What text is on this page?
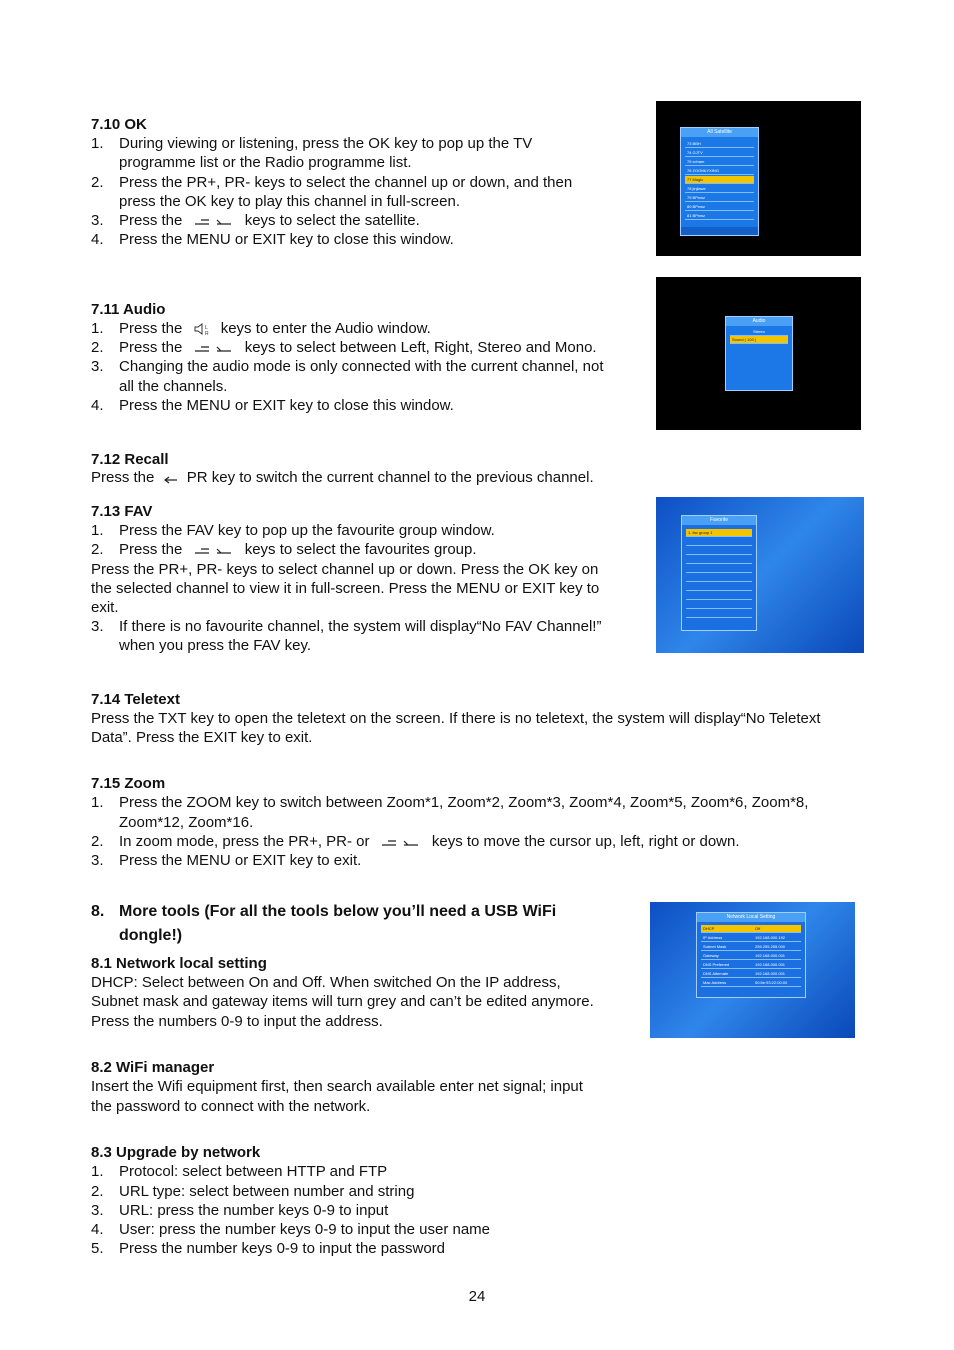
7.10 OK
1.	During viewing or listening, press the OK key to pop up the TV
programme list or the Radio programme list.
2.	Press the PR+, PR- keys to select the channel up or down, and then
press the OK key to play this channel in full-screen.
3.	Press the	keys to select the satellite.
4.	Press the MENU or EXIT key to close this window.
All Satellite
73 BBH
74 GJTV
75 xcham
76 ZOOMLYXING
77 Magic
78 jinjiawe
79 BPnwz
80 BPnwz
81 BPnwz
7.11 Audio
1.	Press the	L
R keys to enter the Audio window.
2.	Press the	keys to select between Left, Right, Stereo and Mono.
3.	Changing the audio mode is only connected with the current channel, not
all the channels.
4.	Press the MENU or EXIT key to close this window.
Audio
Stereo
Sound ( 100 )
7.12 Recall
Press the PR key to switch the current channel to the previous channel.
7.13 FAV
1.	Press the FAV key to pop up the favourite group window.
2.	Press the	keys to select the favourites group.
Press the PR+, PR- keys to select channel up or down. Press the OK key on
the selected channel to view it in full-screen. Press the MENU or EXIT key to
exit.
3.	If there is no favourite channel, the system will display“No FAV Channel!”
when you press the FAV key.
Favorite
1. fav group 1
7.14 Teletext
Press the TXT key to open the teletext on the screen. If there is no teletext, the system will display“No Teletext
Data”. Press the EXIT key to exit.
7.15 Zoom
1.	Press the ZOOM key to switch between Zoom*1, Zoom*2, Zoom*3, Zoom*4, Zoom*5, Zoom*6, Zoom*8,
Zoom*12, Zoom*16.
2.	In zoom mode, press the PR+, PR- or	keys to move the cursor up, left, right or down.
3.	Press the MENU or EXIT key to exit.
8. More tools (For all the tools below you’ll need a USB WiFi
dongle!)
8.1 Network local setting
DHCP: Select between On and Off. When switched On the IP address,
Subnet mask and gateway items will turn grey and can’t be edited anymore.
Press the numbers 0-9 to input the address.
Network Local Setting
DHCP	Off
IP Address	192.168.000.192
Subnet Mask	255.255.255.000
Gateway	192.168.000.001
DNS Preferred	192.168.000.001
DNS Alternate	192.168.000.001
Mac Address	00:5e:93:22:00:00
8.2 WiFi manager
Insert the Wifi equipment first, then search available enter net signal; input
the password to connect with the network.
8.3 Upgrade by network
1.	Protocol: select between HTTP and FTP
2.	URL type: select between number and string
3.	URL: press the number keys 0-9 to input
4.	User: press the number keys 0-9 to input the user name
5.	Press the number keys 0-9 to input the password
24
